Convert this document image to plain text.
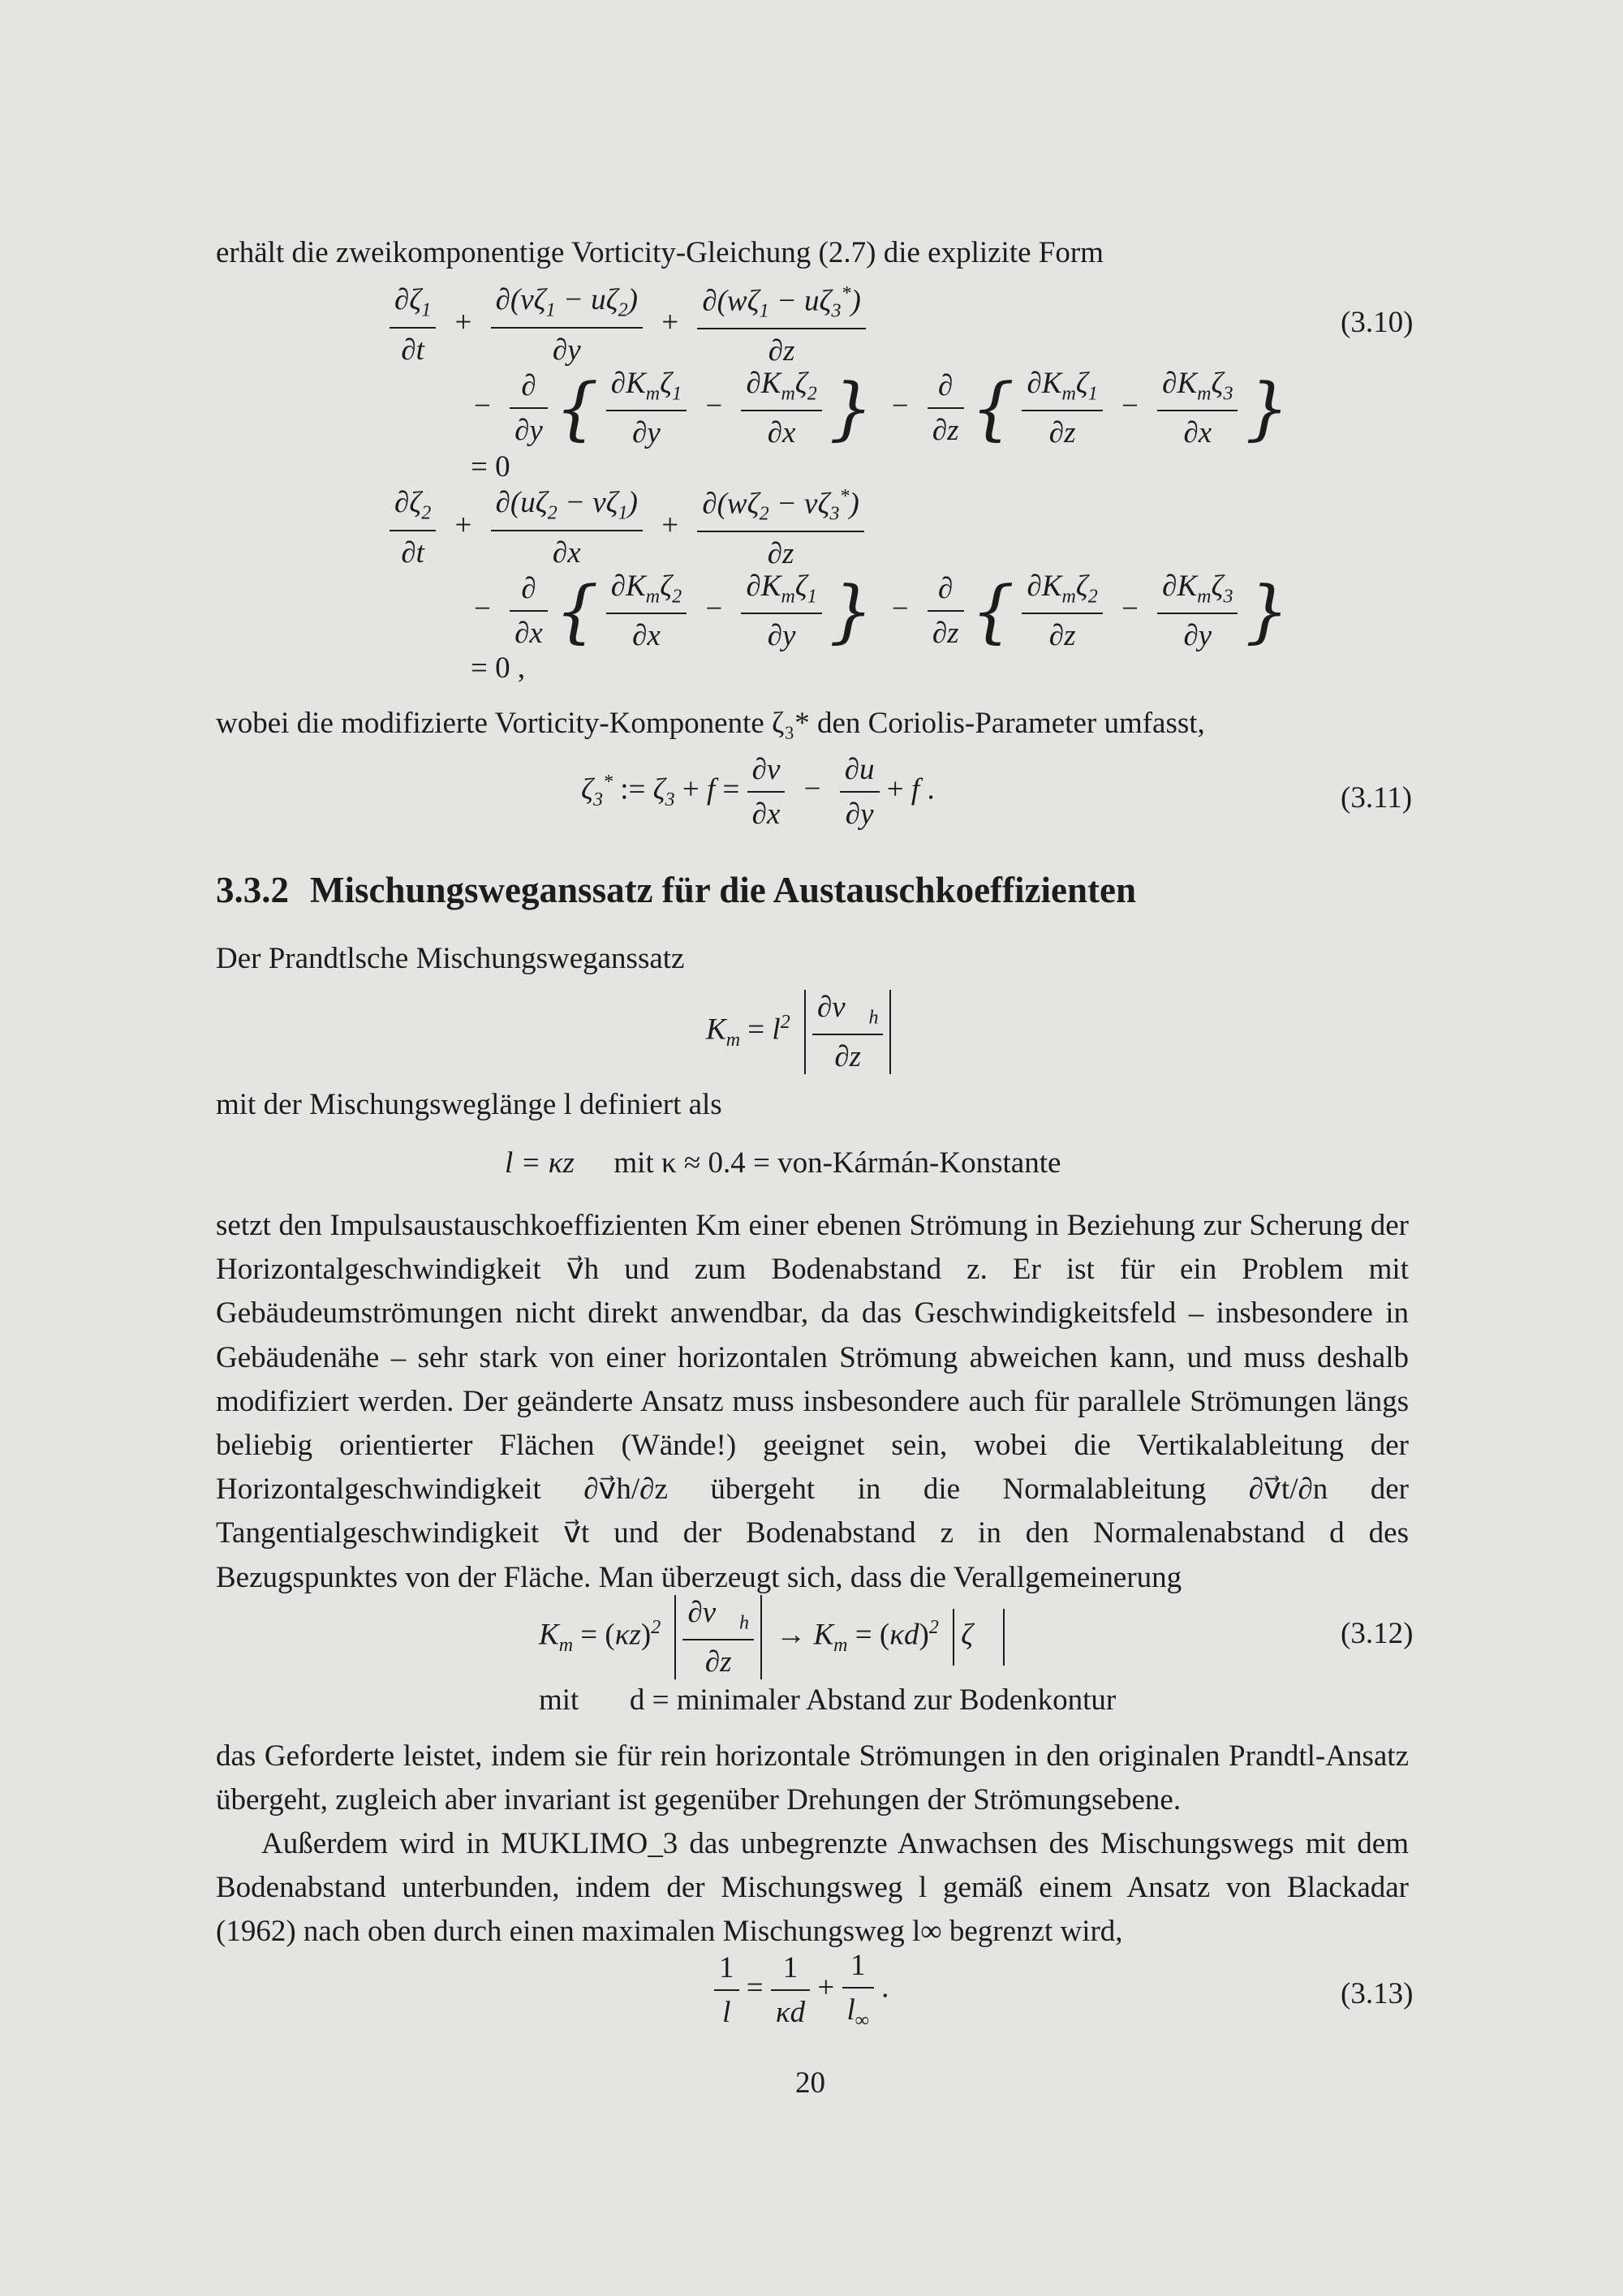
erhält die zweikomponentige Vorticity-Gleichung (2.7) die explizite Form
$\frac{\partial\zeta_1}{\partial t} + \frac{\partial(v\zeta_1 - u\zeta_2)}{\partial y} + \frac{\partial(w\zeta_1 - u\zeta_3^*)}{\partial z}$
− $\frac{\partial}{\partial y}$ { $\frac{\partial K_m\zeta_1}{\partial y} - \frac{\partial K_m\zeta_2}{\partial x}$ } − $\frac{\partial}{\partial z}$ { $\frac{\partial K_m\zeta_1}{\partial z} - \frac{\partial K_m\zeta_3}{\partial x}$ }
= 0
$\frac{\partial\zeta_2}{\partial t} + \frac{\partial(u\zeta_2 - v\zeta_1)}{\partial x} + \frac{\partial(w\zeta_2 - v\zeta_3^*)}{\partial z}$
− $\frac{\partial}{\partial x}$ { $\frac{\partial K_m\zeta_2}{\partial x} - \frac{\partial K_m\zeta_1}{\partial y}$ } − $\frac{\partial}{\partial z}$ { $\frac{\partial K_m\zeta_2}{\partial z} - \frac{\partial K_m\zeta_3}{\partial y}$ }
= 0 ,
(3.10)
wobei die modifizierte Vorticity-Komponente ζ₃* den Coriolis-Parameter umfasst,
$\zeta_3^*$ := $\zeta_3 + f = \frac{\partial v}{\partial x} - \frac{\partial u}{\partial y} + f$ .	(3.11)
3.3.2 Mischungsweganssatz für die Austauschkoeffizienten
Der Prandtlsche Mischungsweganssatz
$K_m = l^2 \frac{\partial v⃗_h}{\partial z}$
mit der Mischungsweglänge l definiert als
l = κz mit κ ≈ 0.4 = von-Kármán-Konstante
setzt den Impulsaustauschkoeffizienten Km einer ebenen Strömung in Beziehung zur Scherung der Horizontalgeschwindigkeit v⃗h und zum Bodenabstand z. Er ist für ein Problem mit Gebäudeumströmungen nicht direkt anwendbar, da das Geschwindigkeitsfeld – insbesondere in Gebäudenähe – sehr stark von einer horizontalen Strömung abweichen kann, und muss deshalb modifiziert werden. Der geänderte Ansatz muss insbesondere auch für parallele Strömungen längs beliebig orientierter Flächen (Wände!) geeignet sein, wobei die Vertikalableitung der Horizontalgeschwindigkeit ∂v⃗h/∂z übergeht in die Normalableitung ∂v⃗t/∂n der Tangentialgeschwindigkeit v⃗t und der Bodenabstand z in den Normalenabstand d des Bezugspunktes von der Fläche. Man überzeugt sich, dass die Verallgemeinerung
$K_m = (\kappa z)^2 \frac{\partial v⃗_h}{\partial z} \to K_m = (\kappa d)^2$ ζ⃗	(3.12)
mit d = minimaler Abstand zur Bodenkontur
das Geforderte leistet, indem sie für rein horizontale Strömungen in den originalen Prandtl-Ansatz übergeht, zugleich aber invariant ist gegenüber Drehungen der Strömungsebene.
Außerdem wird in MUKLIMO_3 das unbegrenzte Anwachsen des Mischungswegs mit dem Bodenabstand unterbunden, indem der Mischungsweg l gemäß einem Ansatz von Blackadar (1962) nach oben durch einen maximalen Mischungsweg l∞ begrenzt wird,
$\frac{1}{l} = \frac{1}{\kappa d} + \frac{1}{l_\infty}$ .	(3.13)
20
